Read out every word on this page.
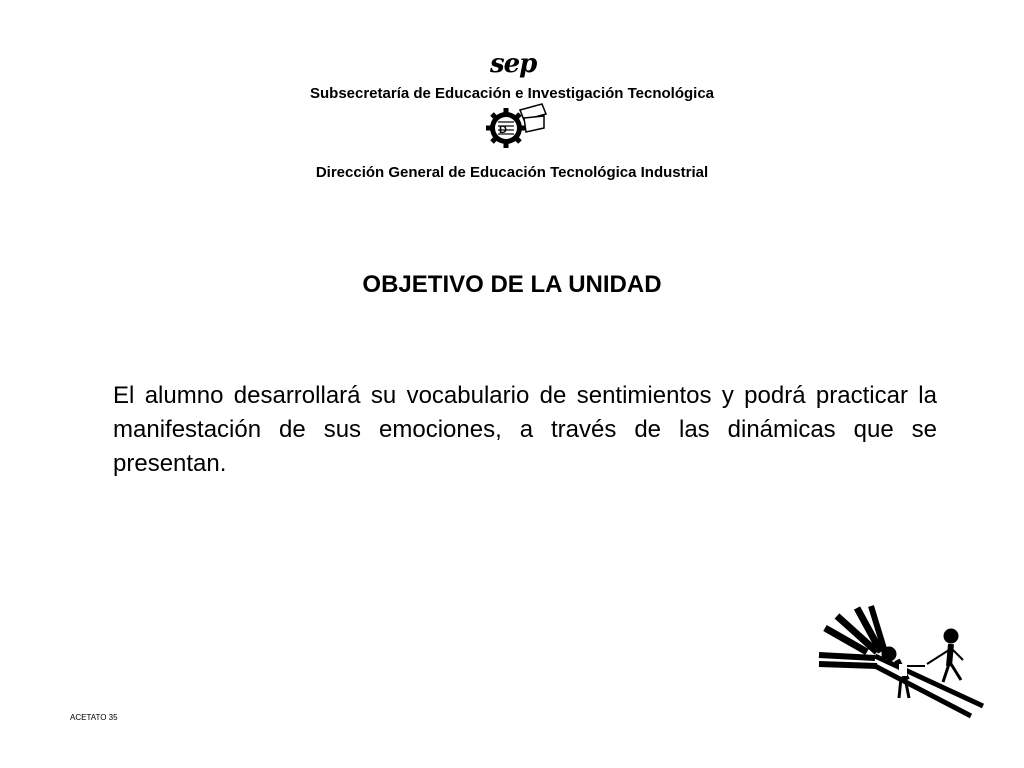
sep
Subsecretaría de Educación e Investigación Tecnológica
D
Dirección General de Educación Tecnológica Industrial
OBJETIVO DE LA UNIDAD
El alumno desarrollará su vocabulario de sentimientos y podrá practicar la manifestación de sus emociones, a través de las dinámicas que se presentan.
ACETATO 35
